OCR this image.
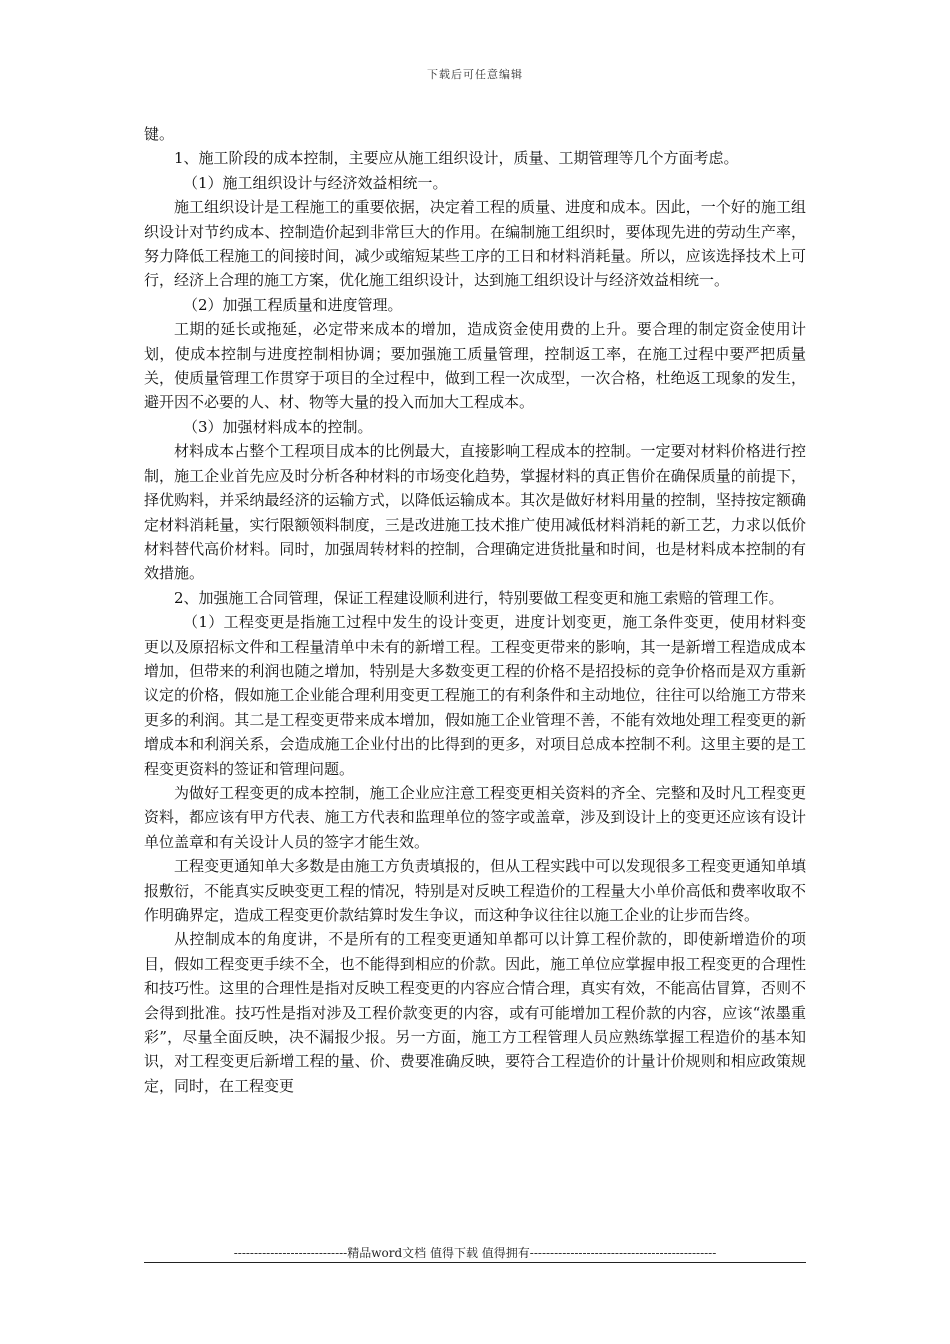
下载后可任意编辑

键。

1、施工阶段的成本控制，主要应从施工组织设计，质量、工期管理等几个方面考虑。

（1）施工组织设计与经济效益相统一。

施工组织设计是工程施工的重要依据，决定着工程的质量、进度和成本。因此，一个好的施工组织设计对节约成本、控制造价起到非常巨大的作用。在编制施工组织时，要体现先进的劳动生产率，努力降低工程施工的间接时间，减少或缩短某些工序的工日和材料消耗量。所以，应该选择技术上可行，经济上合理的施工方案，优化施工组织设计，达到施工组织设计与经济效益相统一。

（2）加强工程质量和进度管理。

工期的延长或拖延，必定带来成本的增加，造成资金使用费的上升。要合理的制定资金使用计划，使成本控制与进度控制相协调；要加强施工质量管理，控制返工率，在施工过程中要严把质量关，使质量管理工作贯穿于项目的全过程中，做到工程一次成型，一次合格，杜绝返工现象的发生，避开因不必要的人、材、物等大量的投入而加大工程成本。

（3）加强材料成本的控制。

材料成本占整个工程项目成本的比例最大，直接影响工程成本的控制。一定要对材料价格进行控制，施工企业首先应及时分析各种材料的市场变化趋势，掌握材料的真正售价在确保质量的前提下，择优购料，并采纳最经济的运输方式，以降低运输成本。其次是做好材料用量的控制，坚持按定额确定材料消耗量，实行限额领料制度，三是改进施工技术推广使用减低材料消耗的新工艺，力求以低价材料替代高价材料。同时，加强周转材料的控制，合理确定进货批量和时间，也是材料成本控制的有效措施。

2、加强施工合同管理，保证工程建设顺利进行，特别要做工程变更和施工索赔的管理工作。

（1）工程变更是指施工过程中发生的设计变更，进度计划变更，施工条件变更，使用材料变更以及原招标文件和工程量清单中未有的新增工程。工程变更带来的影响，其一是新增工程造成成本增加，但带来的利润也随之增加，特别是大多数变更工程的价格不是招投标的竞争价格而是双方重新议定的价格，假如施工企业能合理利用变更工程施工的有利条件和主动地位，往往可以给施工方带来更多的利润。其二是工程变更带来成本增加，假如施工企业管理不善，不能有效地处理工程变更的新增成本和利润关系，会造成施工企业付出的比得到的更多，对项目总成本控制不利。这里主要的是工程变更资料的签证和管理问题。

为做好工程变更的成本控制，施工企业应注意工程变更相关资料的齐全、完整和及时凡工程变更资料，都应该有甲方代表、施工方代表和监理单位的签字或盖章，涉及到设计上的变更还应该有设计单位盖章和有关设计人员的签字才能生效。

工程变更通知单大多数是由施工方负责填报的，但从工程实践中可以发现很多工程变更通知单填报敷衍，不能真实反映变更工程的情况，特别是对反映工程造价的工程量大小单价高低和费率收取不作明确界定，造成工程变更价款结算时发生争议，而这种争议往往以施工企业的让步而告终。

从控制成本的角度讲，不是所有的工程变更通知单都可以计算工程价款的，即使新增造价的项目，假如工程变更手续不全，也不能得到相应的价款。因此，施工单位应掌握申报工程变更的合理性和技巧性。这里的合理性是指对反映工程变更的内容应合情合理，真实有效，不能高估冒算，否则不会得到批准。技巧性是指对涉及工程价款变更的内容，或有可能增加工程价款的内容，应该“浓墨重彩”，尽量全面反映，决不漏报少报。另一方面，施工方工程管理人员应熟练掌握工程造价的基本知识，对工程变更后新增工程的量、价、费要准确反映，要符合工程造价的计量计价规则和相应政策规定，同时，在工程变更

----------------------------精品word文档 值得下载 值得拥有----------------------------------------------
